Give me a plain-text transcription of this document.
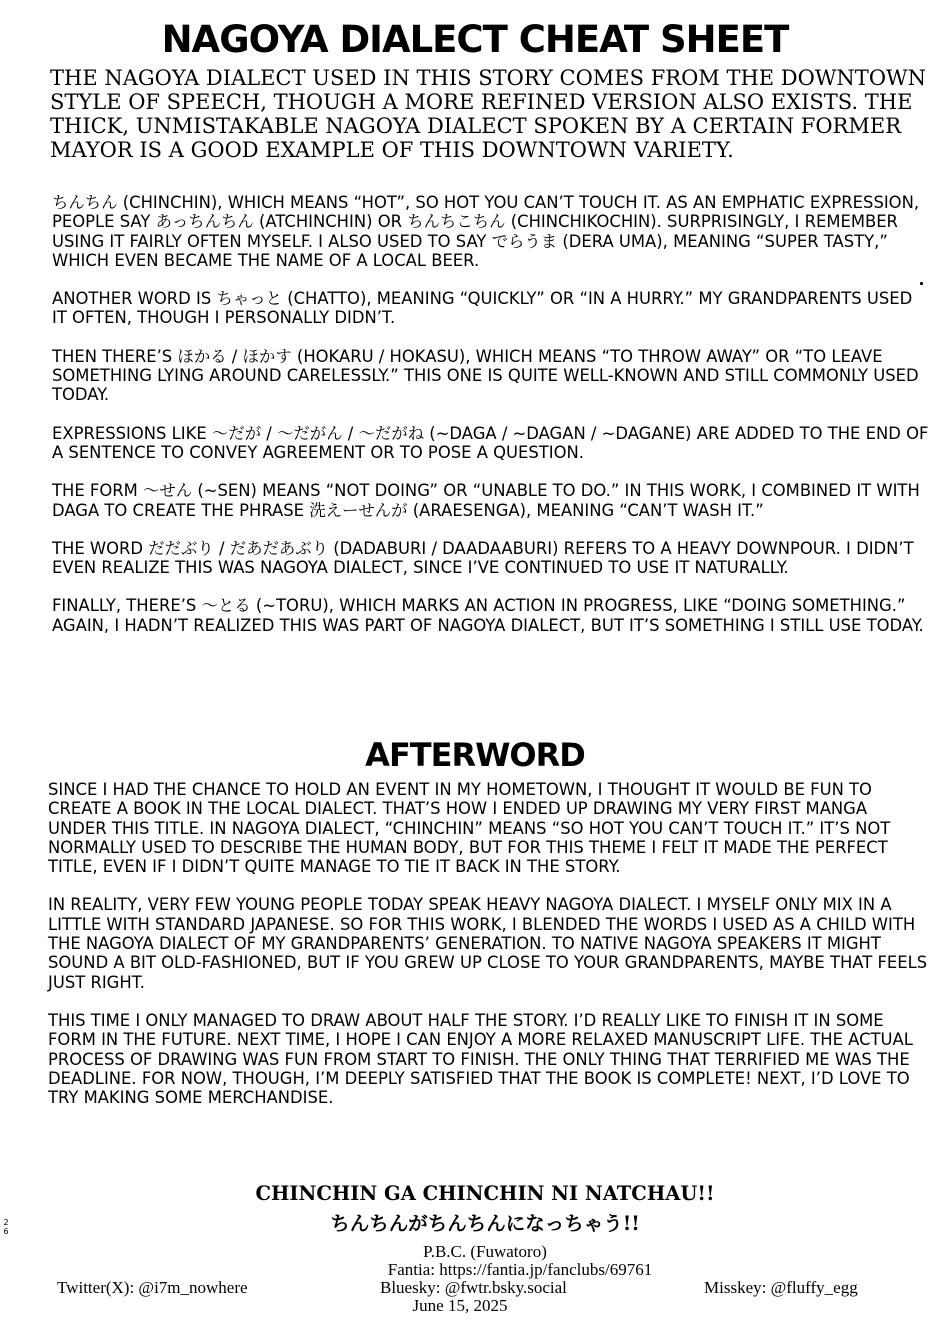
NAGOYA DIALECT CHEAT SHEET

THE NAGOYA DIALECT USED IN THIS STORY COMES FROM THE DOWNTOWN STYLE OF SPEECH, THOUGH A MORE REFINED VERSION ALSO EXISTS. THE THICK, UNMISTAKABLE NAGOYA DIALECT SPOKEN BY A CERTAIN FORMER MAYOR IS A GOOD EXAMPLE OF THIS DOWNTOWN VARIETY.

ちんちん (CHINCHIN), WHICH MEANS “HOT”, SO HOT YOU CAN’T TOUCH IT. AS AN EMPHATIC EXPRESSION, PEOPLE SAY あっちんちん (ATCHINCHIN) OR ちんちこちん (CHINCHIKOCHIN). SURPRISINGLY, I REMEMBER USING IT FAIRLY OFTEN MYSELF. I ALSO USED TO SAY でらうま (DERA UMA), MEANING “SUPER TASTY,” WHICH EVEN BECAME THE NAME OF A LOCAL BEER.

ANOTHER WORD IS ちゃっと (CHATTO), MEANING “QUICKLY” OR “IN A HURRY.” MY GRANDPARENTS USED IT OFTEN, THOUGH I PERSONALLY DIDN’T.

THEN THERE’S ほかる / ほかす (HOKARU / HOKASU), WHICH MEANS “TO THROW AWAY” OR “TO LEAVE SOMETHING LYING AROUND CARELESSLY.” THIS ONE IS QUITE WELL-KNOWN AND STILL COMMONLY USED TODAY.

EXPRESSIONS LIKE ～だが / ～だがん / ～だがね (~DAGA / ~DAGAN / ~DAGANE) ARE ADDED TO THE END OF A SENTENCE TO CONVEY AGREEMENT OR TO POSE A QUESTION.

THE FORM ～せん (~SEN) MEANS “NOT DOING” OR “UNABLE TO DO.” IN THIS WORK, I COMBINED IT WITH DAGA TO CREATE THE PHRASE 洗えーせんが (ARAESENGA), MEANING “CAN’T WASH IT.”

THE WORD だだぶり / だあだあぶり (DADABURI / DAADAABURI) REFERS TO A HEAVY DOWNPOUR. I DIDN’T EVEN REALIZE THIS WAS NAGOYA DIALECT, SINCE I’VE CONTINUED TO USE IT NATURALLY.

FINALLY, THERE’S ～とる (~TORU), WHICH MARKS AN ACTION IN PROGRESS, LIKE “DOING SOMETHING.” AGAIN, I HADN’T REALIZED THIS WAS PART OF NAGOYA DIALECT, BUT IT’S SOMETHING I STILL USE TODAY.

AFTERWORD

SINCE I HAD THE CHANCE TO HOLD AN EVENT IN MY HOMETOWN, I THOUGHT IT WOULD BE FUN TO CREATE A BOOK IN THE LOCAL DIALECT. THAT’S HOW I ENDED UP DRAWING MY VERY FIRST MANGA UNDER THIS TITLE. IN NAGOYA DIALECT, “CHINCHIN” MEANS “SO HOT YOU CAN’T TOUCH IT.” IT’S NOT NORMALLY USED TO DESCRIBE THE HUMAN BODY, BUT FOR THIS THEME I FELT IT MADE THE PERFECT TITLE, EVEN IF I DIDN’T QUITE MANAGE TO TIE IT BACK IN THE STORY.

IN REALITY, VERY FEW YOUNG PEOPLE TODAY SPEAK HEAVY NAGOYA DIALECT. I MYSELF ONLY MIX IN A LITTLE WITH STANDARD JAPANESE. SO FOR THIS WORK, I BLENDED THE WORDS I USED AS A CHILD WITH THE NAGOYA DIALECT OF MY GRANDPARENTS’ GENERATION. TO NATIVE NAGOYA SPEAKERS IT MIGHT SOUND A BIT OLD-FASHIONED, BUT IF YOU GREW UP CLOSE TO YOUR GRANDPARENTS, MAYBE THAT FEELS JUST RIGHT.

THIS TIME I ONLY MANAGED TO DRAW ABOUT HALF THE STORY. I’D REALLY LIKE TO FINISH IT IN SOME FORM IN THE FUTURE. NEXT TIME, I HOPE I CAN ENJOY A MORE RELAXED MANUSCRIPT LIFE. THE ACTUAL PROCESS OF DRAWING WAS FUN FROM START TO FINISH. THE ONLY THING THAT TERRIFIED ME WAS THE DEADLINE. FOR NOW, THOUGH, I’M DEEPLY SATISFIED THAT THE BOOK IS COMPLETE! NEXT, I’D LOVE TO TRY MAKING SOME MERCHANDISE.

CHINCHIN GA CHINCHIN NI NATCHAU!!

ちんちんがちんちんになっちゃう!!

P.B.C. (Fuwatoro)

Fantia: https://fantia.jp/fanclubs/69761

Twitter(X): @i7m_nowhere	Bluesky: @fwtr.bsky.social	Misskey: @fluffy_egg

June 15, 2025

2
6
